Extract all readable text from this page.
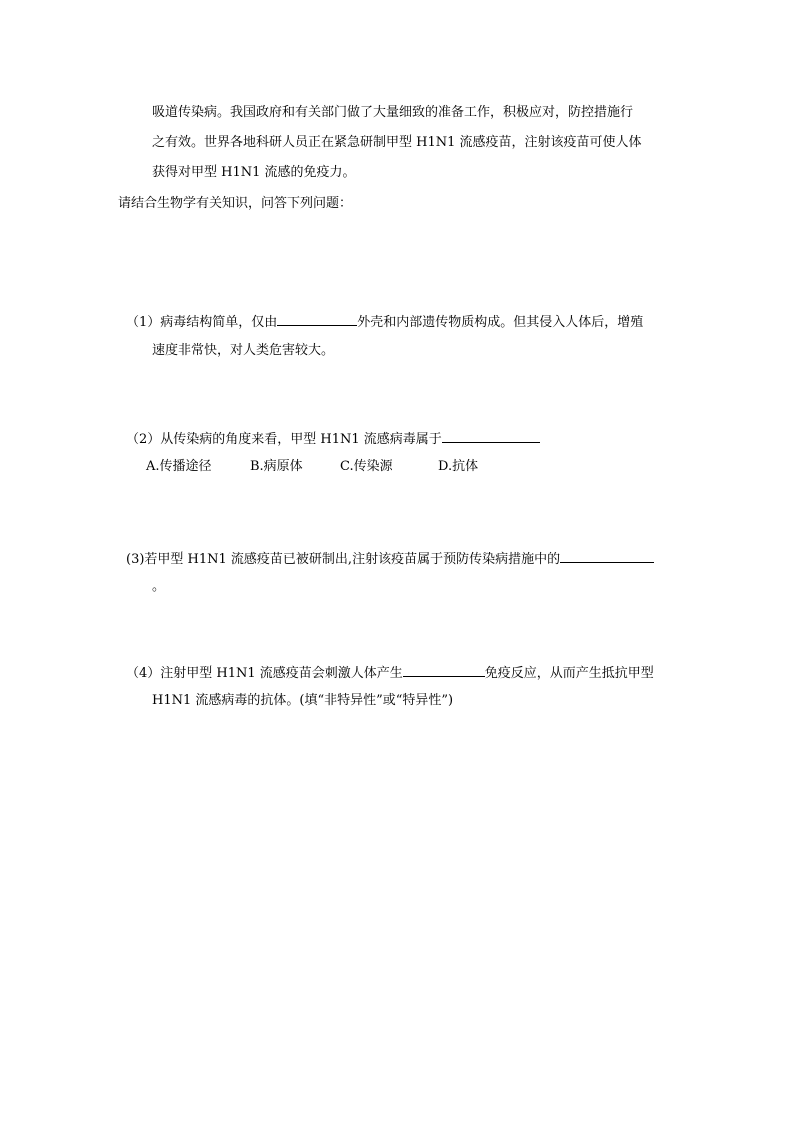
吸道传染病。我国政府和有关部门做了大量细致的准备工作，积极应对，防控措施行
之有效。世界各地科研人员正在紧急研制甲型 H1N1 流感疫苗，注射该疫苗可使人体
获得对甲型 H1N1 流感的免疫力。
请结合生物学有关知识，问答下列问题：
（1）病毒结构简单，仅由	外壳和内部遗传物质构成。但其侵入人体后，增殖
速度非常快，对人类危害较大。
（2）从传染病的角度来看，甲型 H1N1 流感病毒属于
A.传播途径	B.病原体	C.传染源	D.抗体
(3)若甲型 H1N1 流感疫苗已被研制出,注射该疫苗属于预防传染病措施中的
。
（4）注射甲型 H1N1 流感疫苗会刺激人体产生	免疫反应，从而产生抵抗甲型
H1N1 流感病毒的抗体。(填“非特异性”或“特异性”)
